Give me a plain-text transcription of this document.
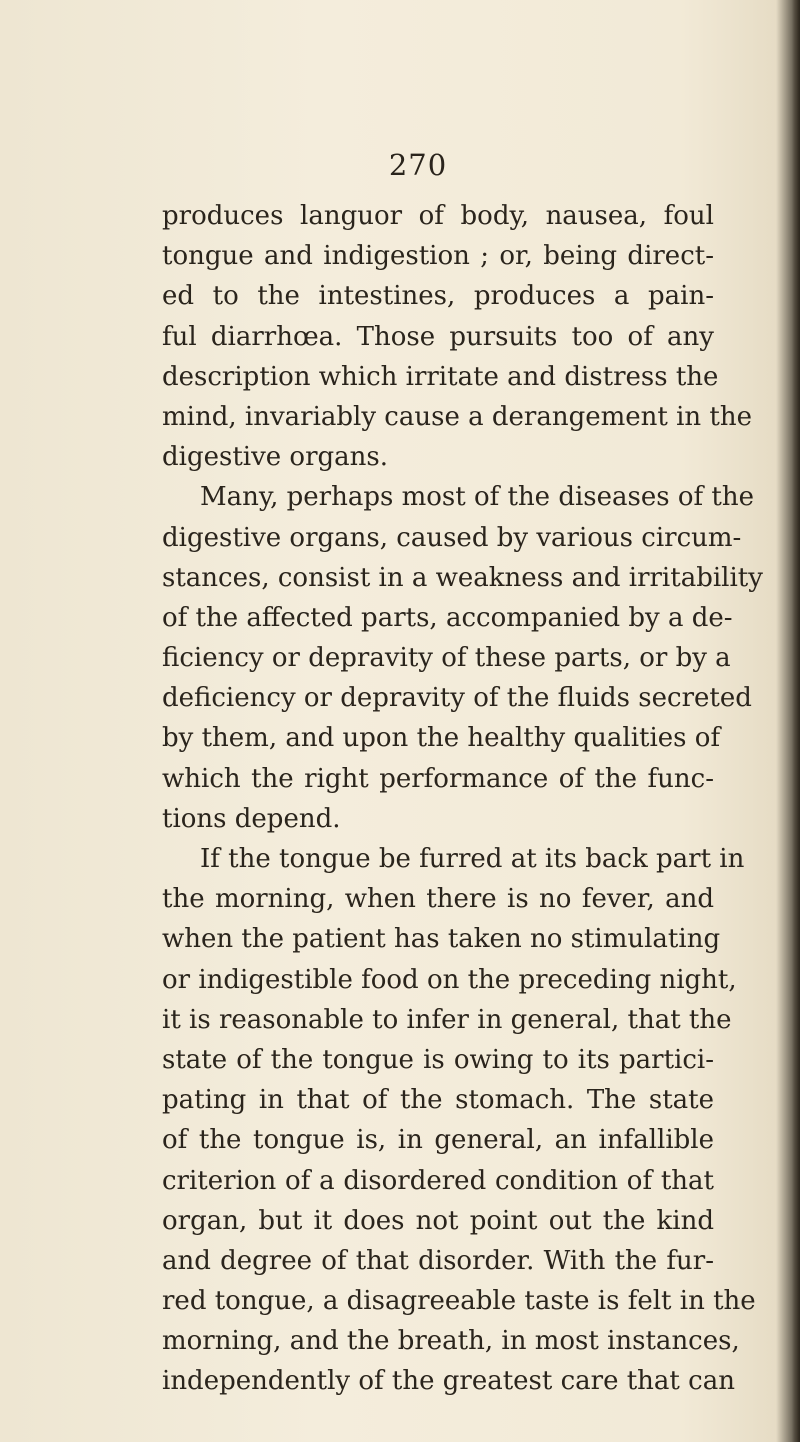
270
produces languor of body, nausea, foul
tongue and indigestion ; or, being direct-
ed to the intestines, produces a pain-
ful diarrhœa. Those pursuits too of any
description which irritate and distress the
mind, invariably cause a derangement in the
digestive organs.
Many, perhaps most of the diseases of the
digestive organs, caused by various circum-
stances, consist in a weakness and irritability
of the affected parts, accompanied by a de-
ficiency or depravity of these parts, or by a
deficiency or depravity of the fluids secreted
by them, and upon the healthy qualities of
which the right performance of the func-
tions depend.
If the tongue be furred at its back part in
the morning, when there is no fever, and
when the patient has taken no stimulating
or indigestible food on the preceding night,
it is reasonable to infer in general, that the
state of the tongue is owing to its partici-
pating in that of the stomach. The state
of the tongue is, in general, an infallible
criterion of a disordered condition of that
organ, but it does not point out the kind
and degree of that disorder. With the fur-
red tongue, a disagreeable taste is felt in the
morning, and the breath, in most instances,
independently of the greatest care that can
